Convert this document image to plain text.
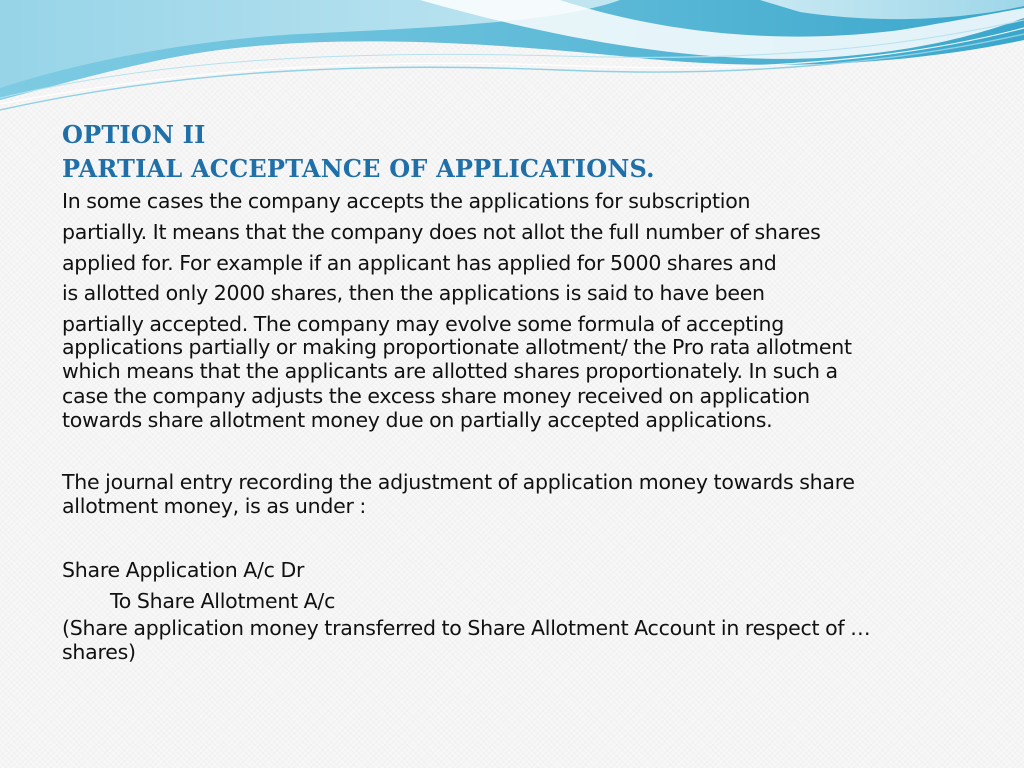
OPTION II
PARTIAL ACCEPTANCE OF APPLICATIONS.

In some cases the company accepts the applications for subscription
partially. It means that the company does not allot the full number of shares
applied for. For example if an applicant has applied for 5000 shares and
is allotted only 2000 shares, then the applications is said to have been
partially accepted. The company may evolve some formula of accepting

applications partially or making proportionate allotment/ the Pro rata allotment
which means that the applicants are allotted shares proportionately. In such a
case the company adjusts the excess share money received on application
towards share allotment money due on partially accepted applications.

The journal entry recording the adjustment of application money towards share
allotment money, is as under :

Share Application A/c Dr
To Share Allotment A/c

(Share application money transferred to Share Allotment Account in respect of …
shares)
